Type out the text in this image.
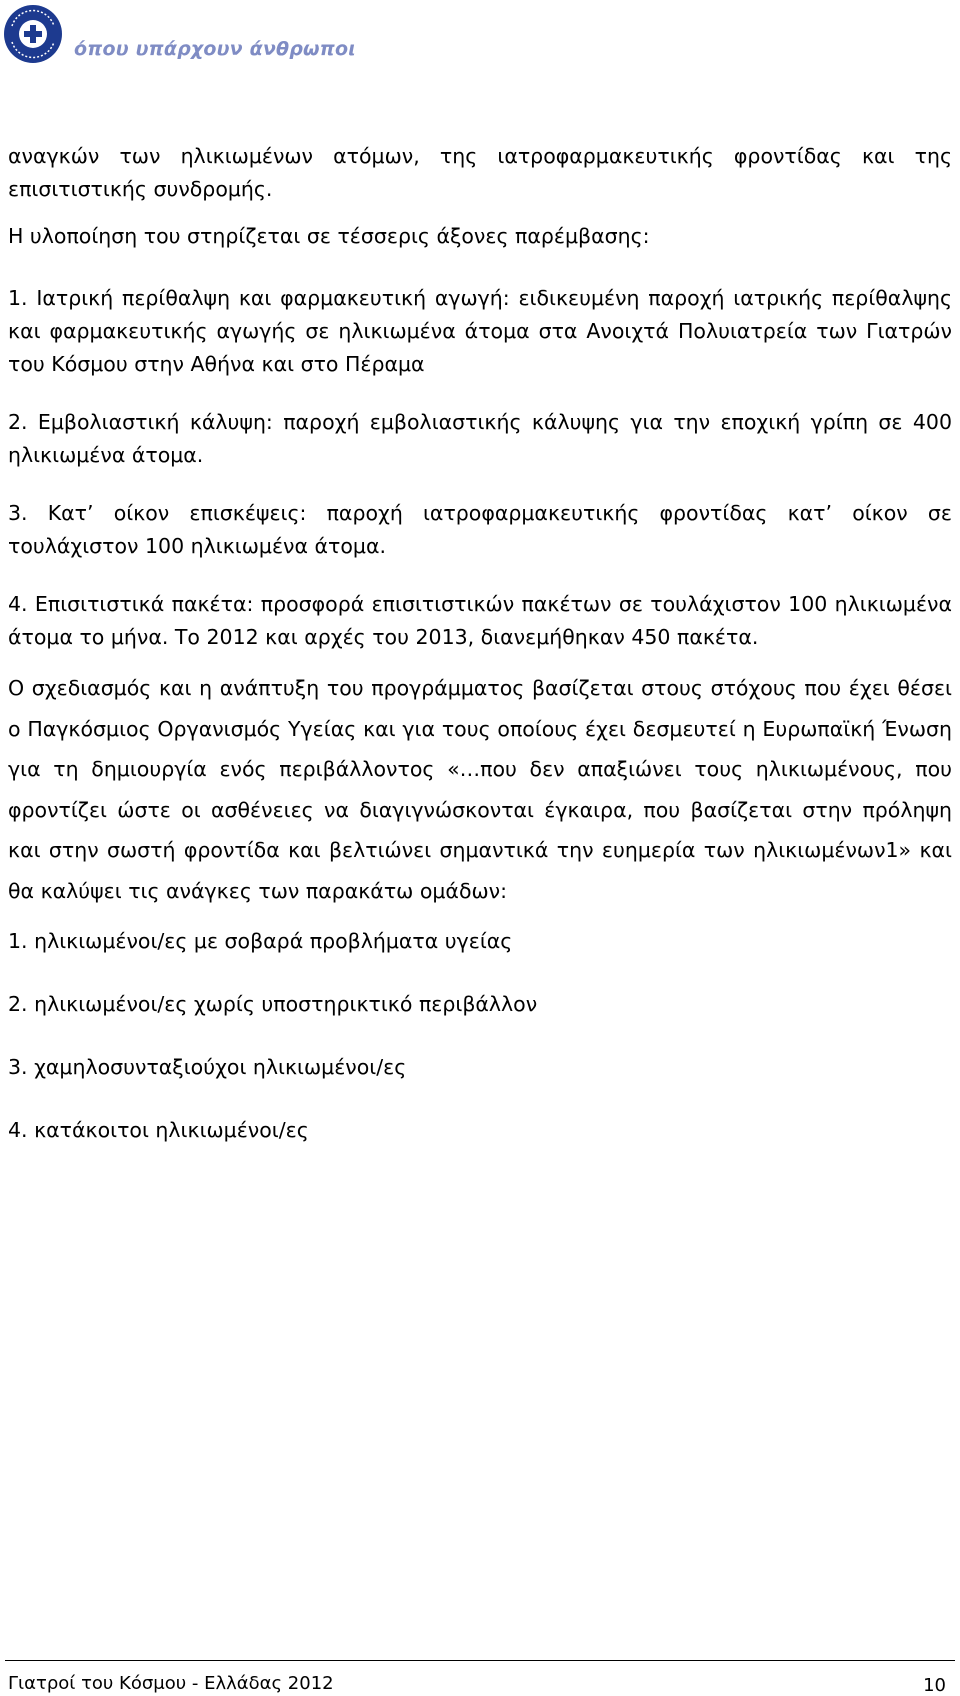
όπου υπάρχουν άνθρωποι

αναγκών των ηλικιωμένων ατόμων, της ιατροφαρμακευτικής φροντίδας και της επισιτιστικής συνδρομής.

Η υλοποίηση του στηρίζεται σε τέσσερις άξονες παρέμβασης:

1. Ιατρική περίθαλψη και φαρμακευτική αγωγή: ειδικευμένη παροχή ιατρικής περίθαλψης και φαρμακευτικής αγωγής σε ηλικιωμένα άτομα στα Ανοιχτά Πολυιατρεία των Γιατρών του Κόσμου στην Αθήνα και στο Πέραμα

2. Εμβολιαστική κάλυψη: παροχή εμβολιαστικής κάλυψης για την εποχική γρίπη σε 400 ηλικιωμένα άτομα.

3. Κατ’ οίκον επισκέψεις: παροχή ιατροφαρμακευτικής φροντίδας κατ’ οίκον σε τουλάχιστον 100 ηλικιωμένα άτομα.

4. Επισιτιστικά πακέτα: προσφορά επισιτιστικών πακέτων σε τουλάχιστον 100 ηλικιωμένα άτομα το μήνα. Το 2012 και αρχές του 2013, διανεμήθηκαν 450 πακέτα.

Ο σχεδιασμός και η ανάπτυξη του προγράμματος βασίζεται στους στόχους που έχει θέσει ο Παγκόσμιος Οργανισμός Υγείας και για τους οποίους έχει δεσμευτεί η Ευρωπαϊκή Ένωση για τη δημιουργία ενός περιβάλλοντος «…που δεν απαξιώνει τους ηλικιωμένους, που φροντίζει ώστε οι ασθένειες να διαγιγνώσκονται έγκαιρα, που βασίζεται στην πρόληψη και στην σωστή φροντίδα και βελτιώνει σημαντικά την ευημερία των ηλικιωμένων1» και θα καλύψει τις ανάγκες των παρακάτω ομάδων:

1. ηλικιωμένοι/ες με σοβαρά προβλήματα υγείας

2. ηλικιωμένοι/ες χωρίς υποστηρικτικό περιβάλλον

3. χαμηλοσυνταξιούχοι ηλικιωμένοι/ες

4. κατάκοιτοι ηλικιωμένοι/ες

Γιατροί του Κόσμου - Ελλάδας 2012	10
